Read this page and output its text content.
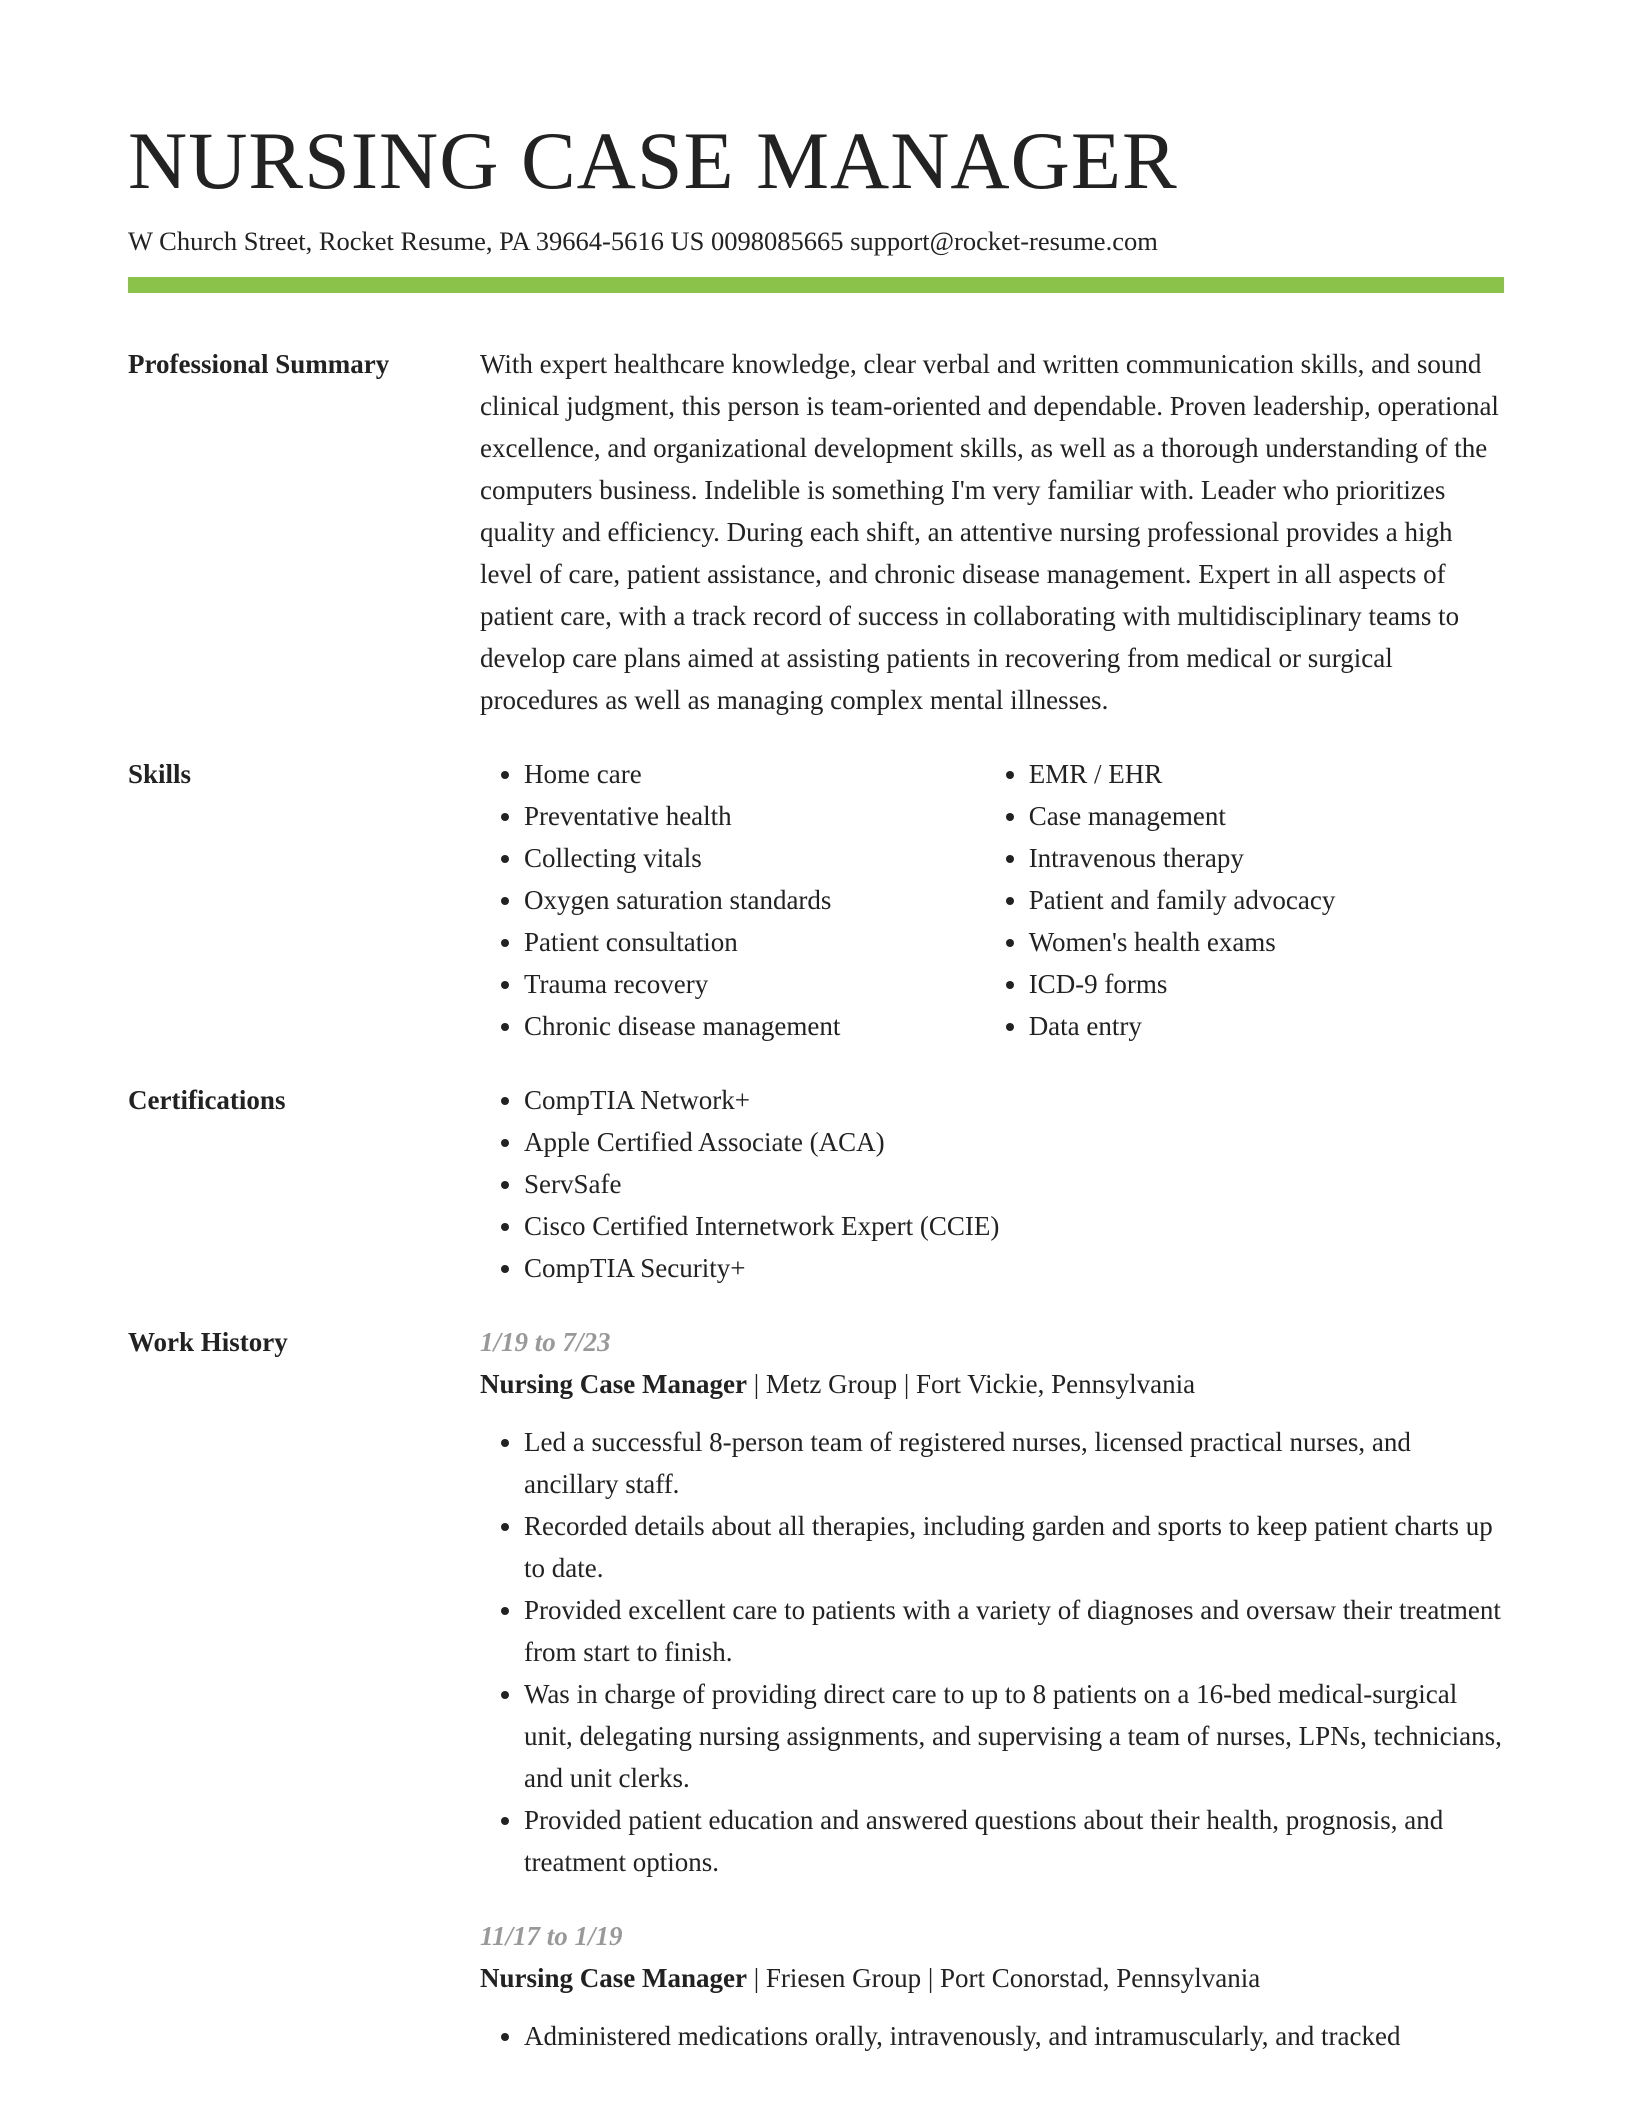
NURSING CASE MANAGER
W Church Street, Rocket Resume, PA 39664-5616 US 0098085665 support@rocket-resume.com
Professional Summary	With expert healthcare knowledge, clear verbal and written communication skills, and sound clinical judgment, this person is team-oriented and dependable. Proven leadership, operational excellence, and organizational development skills, as well as a thorough understanding of the computers business. Indelible is something I'm very familiar with. Leader who prioritizes quality and efficiency. During each shift, an attentive nursing professional provides a high level of care, patient assistance, and chronic disease management. Expert in all aspects of patient care, with a track record of success in collaborating with multidisciplinary teams to develop care plans aimed at assisting patients in recovering from medical or surgical procedures as well as managing complex mental illnesses.
Skills	• Home care
• Preventative health
• Collecting vitals
• Oxygen saturation standards
• Patient consultation
• Trauma recovery
• Chronic disease management
• EMR / EHR
• Case management
• Intravenous therapy
• Patient and family advocacy
• Women's health exams
• ICD-9 forms
• Data entry
Certifications	• CompTIA Network+
• Apple Certified Associate (ACA)
• ServSafe
• Cisco Certified Internetwork Expert (CCIE)
• CompTIA Security+
Work History	1/19 to 7/23
Nursing Case Manager | Metz Group | Fort Vickie, Pennsylvania
• Led a successful 8-person team of registered nurses, licensed practical nurses, and ancillary staff.
• Recorded details about all therapies, including garden and sports to keep patient charts up to date.
• Provided excellent care to patients with a variety of diagnoses and oversaw their treatment from start to finish.
• Was in charge of providing direct care to up to 8 patients on a 16-bed medical-surgical unit, delegating nursing assignments, and supervising a team of nurses, LPNs, technicians, and unit clerks.
• Provided patient education and answered questions about their health, prognosis, and treatment options.
11/17 to 1/19
Nursing Case Manager | Friesen Group | Port Conorstad, Pennsylvania
• Administered medications orally, intravenously, and intramuscularly, and tracked
